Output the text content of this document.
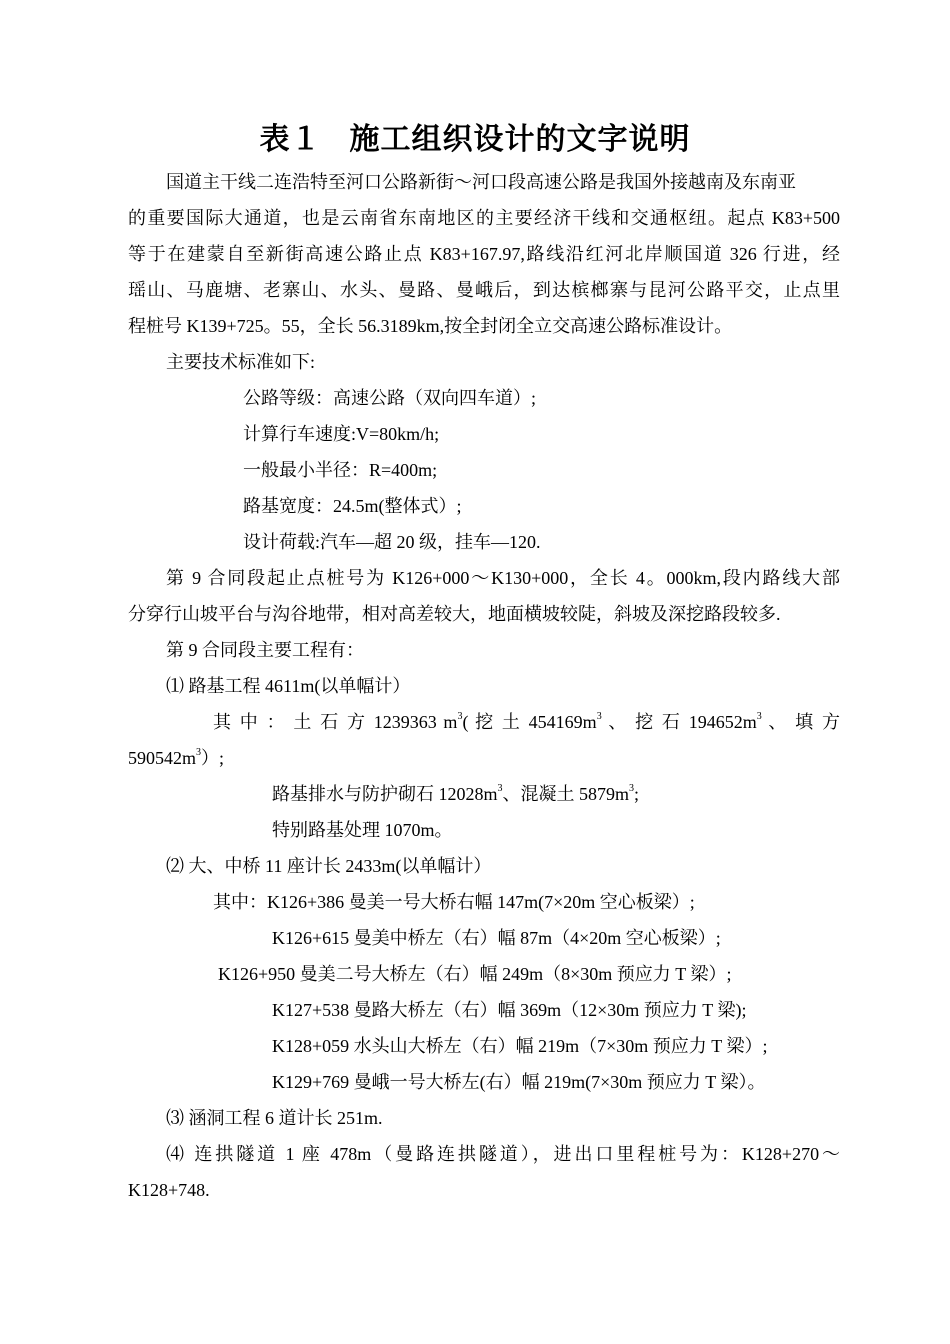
表１ 施工组织设计的文字说明
国道主干线二连浩特至河口公路新街～河口段高速公路是我国外接越南及东南亚
的重要国际大通道，也是云南省东南地区的主要经济干线和交通枢纽。起点 K83+500
等于在建蒙自至新街高速公路止点 K83+167.97,路线沿红河北岸顺国道 326 行进，经
瑶山、马鹿塘、老寨山、水头、曼路、曼峨后，到达槟榔寨与昆河公路平交，止点里
程桩号 K139+725。55，全长 56.3189km,按全封闭全立交高速公路标准设计。
主要技术标准如下:
公路等级：高速公路（双向四车道）;
计算行车速度:V=80km/h;
一般最小半径：R=400m;
路基宽度：24.5m(整体式）;
设计荷载:汽车—超 20 级，挂车—120.
第 9 合同段起止点桩号为 K126+000～K130+000，全长 4。000km,段内路线大部
分穿行山坡平台与沟谷地带，相对高差较大，地面横坡较陡，斜坡及深挖路段较多.
第 9 合同段主要工程有：
⑴ 路基工程 4611m(以单幅计）
其 中 ： 土 石 方 1239363 $m^3$( 挖 土 $454169m^3$ 、 挖 石 $194652m^3$ 、 填 方
$590542m^3$）;
路基排水与防护砌石 $12028m^3$、混凝土 $5879m^3$;
特别路基处理 1070m。
⑵ 大、中桥 11 座计长 2433m(以单幅计）
其中：K126+386 曼美一号大桥右幅 147m(7×20m 空心板梁）;
K126+615 曼美中桥左（右）幅 87m（4×20m 空心板梁）;
K126+950 曼美二号大桥左（右）幅 249m（8×30m 预应力 T 梁）;
K127+538 曼路大桥左（右）幅 369m（12×30m 预应力 T 梁);
K128+059 水头山大桥左（右）幅 219m（7×30m 预应力 T 梁）;
K129+769 曼峨一号大桥左(右）幅 219m(7×30m 预应力 T 梁）。
⑶ 涵洞工程 6 道计长 251m.
⑷ 连拱隧道 1 座 478m（曼路连拱隧道），进出口里程桩号为：K128+270～
K128+748.
